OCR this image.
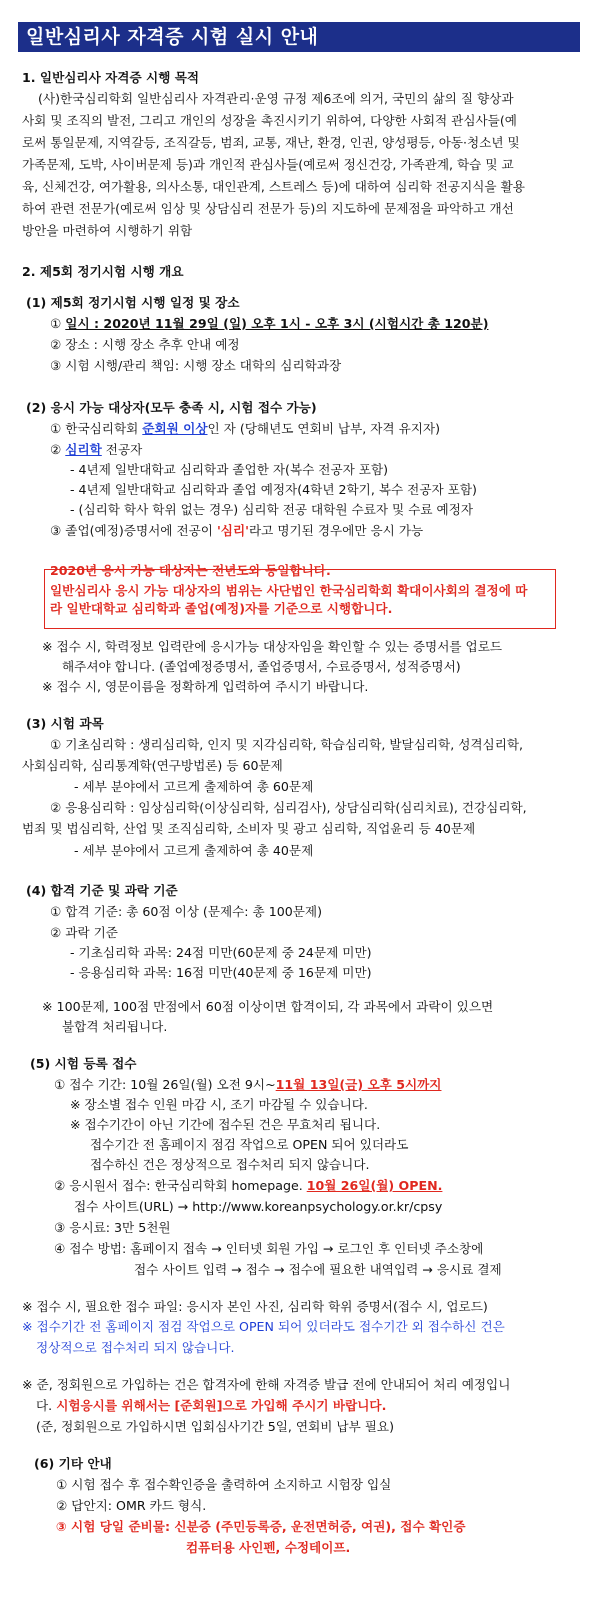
일반심리사 자격증 시험 실시 안내
1. 일반심리사 자격증 시행 목적
(사)한국심리학회 일반심리사 자격관리·운영 규정 제6조에 의거, 국민의 삶의 질 향상과
사회 및 조직의 발전, 그리고 개인의 성장을 촉진시키기 위하여, 다양한 사회적 관심사들(예
로써 통일문제, 지역갈등, 조직갈등, 범죄, 교통, 재난, 환경, 인권, 양성평등, 아동·청소년 및
가족문제, 도박, 사이버문제 등)과 개인적 관심사들(예로써 정신건강, 가족관계, 학습 및 교
육, 신체건강, 여가활용, 의사소통, 대인관계, 스트레스 등)에 대하여 심리학 전공지식을 활용
하여 관련 전문가(예로써 임상 및 상담심리 전문가 등)의 지도하에 문제점을 파악하고 개선
방안을 마련하여 시행하기 위함
2. 제5회 정기시험 시행 개요
(1) 제5회 정기시험 시행 일정 및 장소
① 일시 : 2020년 11월 29일 (일) 오후 1시 - 오후 3시 (시험시간 총 120분)
② 장소 : 시행 장소 추후 안내 예정
③ 시험 시행/관리 책임: 시행 장소 대학의 심리학과장
(2) 응시 가능 대상자(모두 충족 시, 시험 접수 가능)
① 한국심리학회 준회원 이상인 자 (당해년도 연회비 납부, 자격 유지자)
② 심리학 전공자
- 4년제 일반대학교 심리학과 졸업한 자(복수 전공자 포함)
- 4년제 일반대학교 심리학과 졸업 예정자(4학년 2학기, 복수 전공자 포함)
- (심리학 학사 학위 없는 경우) 심리학 전공 대학원 수료자 및 수료 예정자
③ 졸업(예정)증명서에 전공이 '심리'라고 명기된 경우에만 응시 가능
2020년 응시 가능 대상자는 전년도와 동일합니다.
일반심리사 응시 가능 대상자의 범위는 사단법인 한국심리학회 확대이사회의 결정에 따
라 일반대학교 심리학과 졸업(예정)자를 기준으로 시행합니다.
※ 접수 시, 학력정보 입력란에 응시가능 대상자임을 확인할 수 있는 증명서를 업로드
해주셔야 합니다. (졸업예정증명서, 졸업증명서, 수료증명서, 성적증명서)
※ 접수 시, 영문이름을 정확하게 입력하여 주시기 바랍니다.
(3) 시험 과목
① 기초심리학 : 생리심리학, 인지 및 지각심리학, 학습심리학, 발달심리학, 성격심리학,
사회심리학, 심리통계학(연구방법론) 등 60문제
- 세부 분야에서 고르게 출제하여 총 60문제
② 응용심리학 : 임상심리학(이상심리학, 심리검사), 상담심리학(심리치료), 건강심리학,
범죄 및 법심리학, 산업 및 조직심리학, 소비자 및 광고 심리학, 직업윤리 등 40문제
- 세부 분야에서 고르게 출제하여 총 40문제
(4) 합격 기준 및 과락 기준
① 합격 기준: 총 60점 이상 (문제수: 총 100문제)
② 과락 기준
- 기초심리학 과목: 24점 미만(60문제 중 24문제 미만)
- 응용심리학 과목: 16점 미만(40문제 중 16문제 미만)
※ 100문제, 100점 만점에서 60점 이상이면 합격이되, 각 과목에서 과락이 있으면
불합격 처리됩니다.
(5) 시험 등록 접수
① 접수 기간: 10월 26일(월) 오전 9시~11월 13일(금) 오후 5시까지
※ 장소별 접수 인원 마감 시, 조기 마감될 수 있습니다.
※ 접수기간이 아닌 기간에 접수된 건은 무효처리 됩니다.
접수기간 전 홈페이지 점검 작업으로 OPEN 되어 있더라도
접수하신 건은 정상적으로 접수처리 되지 않습니다.
② 응시원서 접수: 한국심리학회 homepage. 10월 26일(월) OPEN.
접수 사이트(URL) → http://www.koreanpsychology.or.kr/cpsy
③ 응시료: 3만 5천원
④ 접수 방법: 홈페이지 접속 → 인터넷 회원 가입 → 로그인 후 인터넷 주소창에
접수 사이트 입력 → 접수 → 접수에 필요한 내역입력 → 응시료 결제
※ 접수 시, 필요한 접수 파일: 응시자 본인 사진, 심리학 학위 증명서(접수 시, 업로드)
※ 접수기간 전 홈페이지 점검 작업으로 OPEN 되어 있더라도 접수기간 외 접수하신 건은
정상적으로 접수처리 되지 않습니다.
※ 준, 정회원으로 가입하는 건은 합격자에 한해 자격증 발급 전에 안내되어 처리 예정입니
다. 시험응시를 위해서는 [준회원]으로 가입해 주시기 바랍니다.
(준, 정회원으로 가입하시면 입회심사기간 5일, 연회비 납부 필요)
(6) 기타 안내
① 시험 접수 후 접수확인증을 출력하여 소지하고 시험장 입실
② 답안지: OMR 카드 형식.
③ 시험 당일 준비물: 신분증 (주민등록증, 운전면허증, 여권), 접수 확인증
컴퓨터용 사인펜, 수정테이프.
